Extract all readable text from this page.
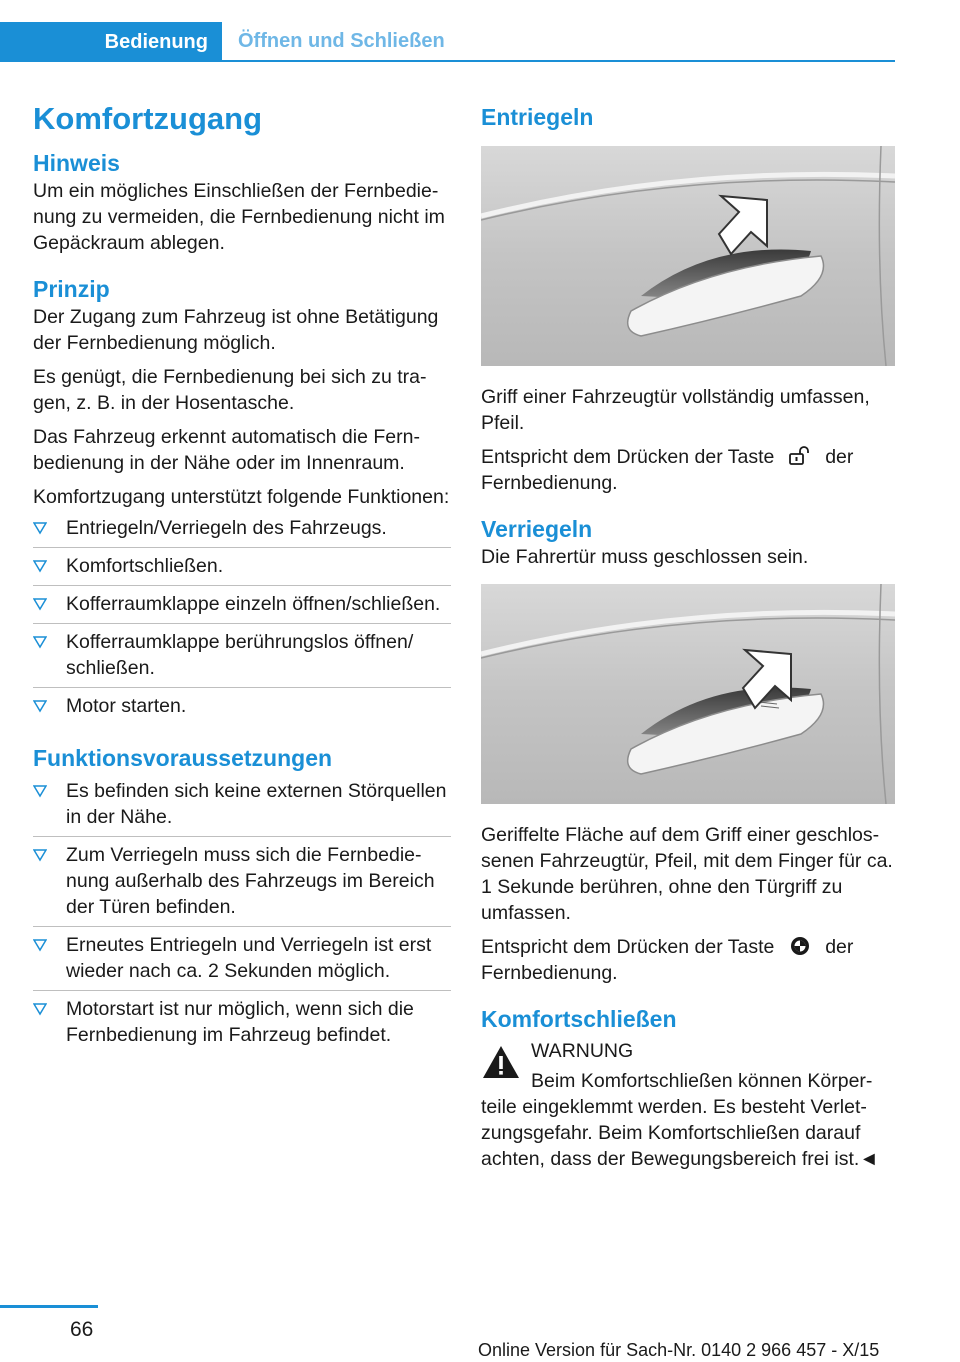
Bedienung	Öffnen und Schließen
Komfortzugang
Hinweis

Um ein mögliches Einschließen der Fernbedienung zu vermeiden, die Fernbedienung nicht im Gepäckraum ablegen.

Prinzip

Der Zugang zum Fahrzeug ist ohne Betätigung der Fernbedienung möglich.

Es genügt, die Fernbedienung bei sich zu tragen, z. B. in der Hosentasche.

Das Fahrzeug erkennt automatisch die Fernbedienung in der Nähe oder im Innenraum.

Komfortzugang unterstützt folgende Funktionen:

Entriegeln/Verriegeln des Fahrzeugs.
Komfortschließen.
Kofferraumklappe einzeln öffnen/schließen.
Kofferraumklappe berührungslos öffnen/ schließen.
Motor starten.
Funktionsvoraussetzungen
Es befinden sich keine externen Störquellen in der Nähe.
Zum Verriegeln muss sich die Fernbedienung außerhalb des Fahrzeugs im Bereich der Türen befinden.
Erneutes Entriegeln und Verriegeln ist erst wieder nach ca. 2 Sekunden möglich.
Motorstart ist nur möglich, wenn sich die Fernbedienung im Fahrzeug befindet.
Entriegeln

Griff einer Fahrzeugtür vollständig umfassen, Pfeil.

Entspricht dem Drücken der Taste	der Fernbedienung.

Verriegeln

Die Fahrertür muss geschlossen sein.

Geriffelte Fläche auf dem Griff einer geschlossenen Fahrzeugtür, Pfeil, mit dem Finger für ca. 1 Sekunde berühren, ohne den Türgriff zu umfassen.

Entspricht dem Drücken der Taste	der Fernbedienung.

Komfortschließen

WARNUNG

Beim Komfortschließen können Körperteile eingeklemmt werden. Es besteht Verletzungsgefahr. Beim Komfortschließen darauf achten, dass der Bewegungsbereich frei ist.◄

66
Online Version für Sach-Nr. 0140 2 966 457 - X/15
